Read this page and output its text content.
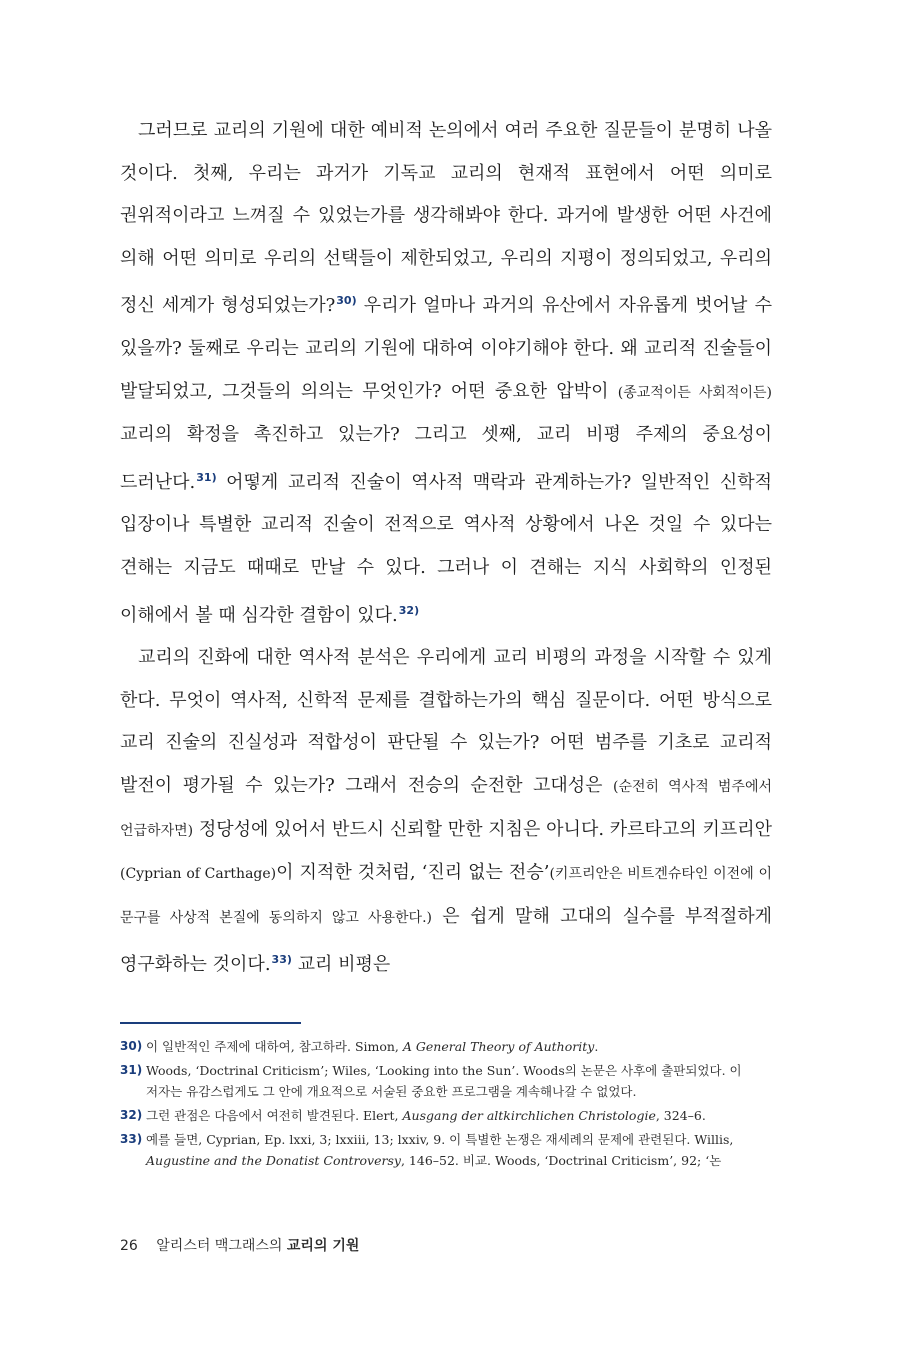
그러므로 교리의 기원에 대한 예비적 논의에서 여러 주요한 질문들이 분명히 나올 것이다. 첫째, 우리는 과거가 기독교 교리의 현재적 표현에서 어떤 의미로 권위적이라고 느껴질 수 있었는가를 생각해봐야 한다. 과거에 발생한 어떤 사건에 의해 어떤 의미로 우리의 선택들이 제한되었고, 우리의 지평이 정의되었고, 우리의 정신 세계가 형성되었는가?$^{30)}$ 우리가 얼마나 과거의 유산에서 자유롭게 벗어날 수 있을까? 둘째로 우리는 교리의 기원에 대하여 이야기해야 한다. 왜 교리적 진술들이 발달되었고, 그것들의 의의는 무엇인가? 어떤 중요한 압박이 (종교적이든 사회적이든) 교리의 확정을 촉진하고 있는가? 그리고 셋째, 교리 비평 주제의 중요성이 드러난다.$^{31)}$ 어떻게 교리적 진술이 역사적 맥락과 관계하는가? 일반적인 신학적 입장이나 특별한 교리적 진술이 전적으로 역사적 상황에서 나온 것일 수 있다는 견해는 지금도 때때로 만날 수 있다. 그러나 이 견해는 지식 사회학의 인정된 이해에서 볼 때 심각한 결함이 있다.$^{32)}$

교리의 진화에 대한 역사적 분석은 우리에게 교리 비평의 과정을 시작할 수 있게 한다. 무엇이 역사적, 신학적 문제를 결합하는가의 핵심 질문이다. 어떤 방식으로 교리 진술의 진실성과 적합성이 판단될 수 있는가? 어떤 범주를 기초로 교리적 발전이 평가될 수 있는가? 그래서 전승의 순전한 고대성은 (순전히 역사적 범주에서 언급하자면) 정당성에 있어서 반드시 신뢰할 만한 지침은 아니다. 카르타고의 키프리안(Cyprian of Carthage)이 지적한 것처럼, ‘진리 없는 전승’(키프리안은 비트겐슈타인 이전에 이 문구를 사상적 본질에 동의하지 않고 사용한다.) 은 쉽게 말해 고대의 실수를 부적절하게 영구화하는 것이다.$^{33)}$ 교리 비평은

30) 이 일반적인 주제에 대하여, 참고하라. Simon, A General Theory of Authority.
31) Woods, ‘Doctrinal Criticism’; Wiles, ‘Looking into the Sun’. Woods의 논문은 사후에 출판되었다. 이 저자는 유감스럽게도 그 안에 개요적으로 서술된 중요한 프로그램을 계속해나갈 수 없었다.
32) 그런 관점은 다음에서 여전히 발견된다. Elert, Ausgang der altkirchlichen Christologie, 324–6.
33) 예를 들면, Cyprian, Ep. lxxi, 3; lxxiii, 13; lxxiv, 9. 이 특별한 논쟁은 재세례의 문제에 관련된다. Willis, Augustine and the Donatist Controversy, 146–52. 비교. Woods, ‘Doctrinal Criticism’, 92; ‘논
26 알리스터 맥그래스의 교리의 기원
